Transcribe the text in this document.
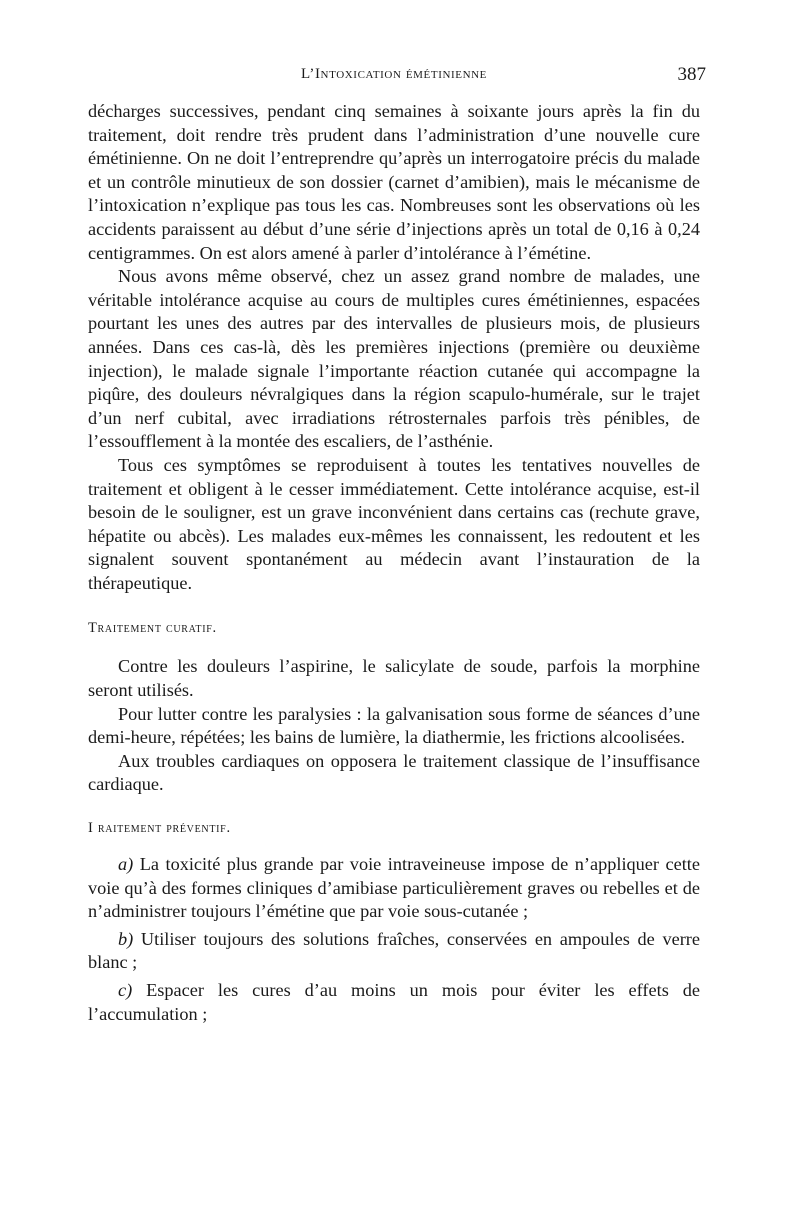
L’Intoxication émétinienne	387

décharges successives, pendant cinq semaines à soixante jours après la fin du traitement, doit rendre très prudent dans l’administration d’une nouvelle cure émétinienne. On ne doit l’entreprendre qu’après un interrogatoire précis du malade et un contrôle minutieux de son dossier (carnet d’amibien), mais le mécanisme de l’intoxication n’explique pas tous les cas. Nombreuses sont les observations où les accidents paraissent au début d’une série d’injections après un total de 0,16 à 0,24 centigrammes. On est alors amené à parler d’intolérance à l’émétine.

Nous avons même observé, chez un assez grand nombre de malades, une véritable intolérance acquise au cours de multiples cures émétiniennes, espacées pourtant les unes des autres par des intervalles de plusieurs mois, de plusieurs années. Dans ces cas-là, dès les premières injections (première ou deuxième injection), le malade signale l’importante réaction cutanée qui accompagne la piqûre, des douleurs névralgiques dans la région scapulo-humérale, sur le trajet d’un nerf cubital, avec irradiations rétrosternales parfois très pénibles, de l’essoufflement à la montée des escaliers, de l’asthénie.

Tous ces symptômes se reproduisent à toutes les tentatives nouvelles de traitement et obligent à le cesser immédiatement. Cette intolérance acquise, est-il besoin de le souligner, est un grave inconvénient dans certains cas (rechute grave, hépatite ou abcès). Les malades eux-mêmes les connaissent, les redoutent et les signalent souvent spontanément au médecin avant l’instauration de la thérapeutique.

Traitement curatif.

Contre les douleurs l’aspirine, le salicylate de soude, parfois la morphine seront utilisés.

Pour lutter contre les paralysies : la galvanisation sous forme de séances d’une demi-heure, répétées; les bains de lumière, la diathermie, les frictions alcoolisées.

Aux troubles cardiaques on opposera le traitement classique de l’insuffisance cardiaque.

I raitement préventif.

a) La toxicité plus grande par voie intraveineuse impose de n’appliquer cette voie qu’à des formes cliniques d’amibiase particulièrement graves ou rebelles et de n’administrer toujours l’émétine que par voie sous-cutanée ;

b) Utiliser toujours des solutions fraîches, conservées en ampoules de verre blanc ;

c) Espacer les cures d’au moins un mois pour éviter les effets de l’accumulation ;
